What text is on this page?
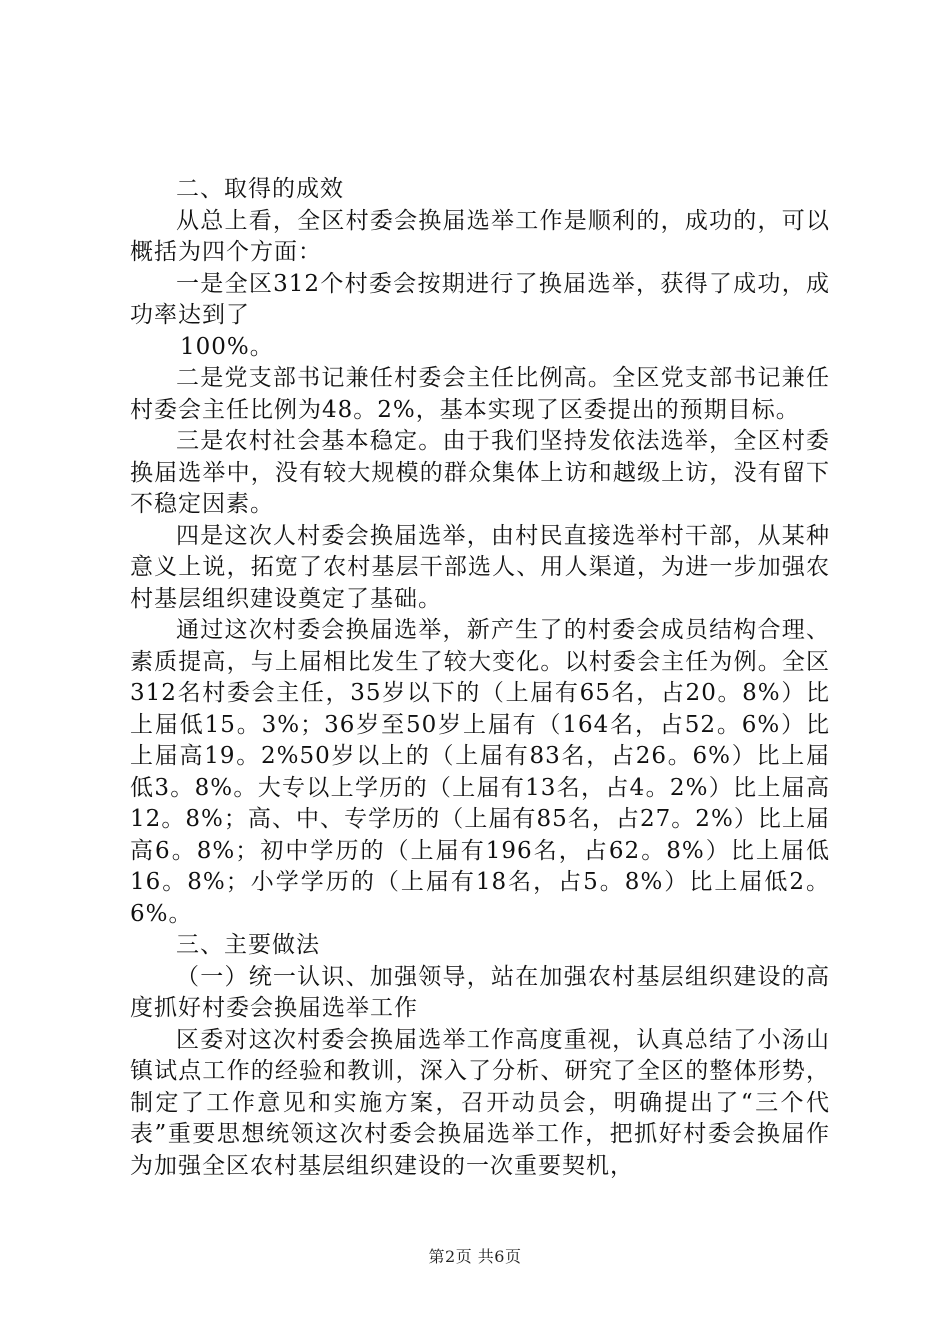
二、取得的成效

从总上看，全区村委会换届选举工作是顺利的，成功的，可以概括为四个方面：

一是全区312个村委会按期进行了换届选举，获得了成功，成功率达到了

100%。

二是党支部书记兼任村委会主任比例高。全区党支部书记兼任村委会主任比例为48。2%，基本实现了区委提出的预期目标。

三是农村社会基本稳定。由于我们坚持发依法选举，全区村委换届选举中，没有较大规模的群众集体上访和越级上访，没有留下不稳定因素。

四是这次人村委会换届选举，由村民直接选举村干部，从某种意义上说，拓宽了农村基层干部选人、用人渠道，为进一步加强农村基层组织建设奠定了基础。

通过这次村委会换届选举，新产生了的村委会成员结构合理、素质提高，与上届相比发生了较大变化。以村委会主任为例。全区312名村委会主任，35岁以下的（上届有65名，占20。8%）比上届低15。3%；36岁至50岁上届有（164名，占52。6%）比上届高19。2%50岁以上的（上届有83名，占26。6%）比上届低3。8%。大专以上学历的（上届有13名，占4。2%）比上届高12。8%；高、中、专学历的（上届有85名，占27。2%）比上届高6。8%；初中学历的（上届有196名，占62。8%）比上届低16。8%；小学学历的（上届有18名，占5。8%）比上届低2。6%。

三、主要做法

（一）统一认识、加强领导，站在加强农村基层组织建设的高度抓好村委会换届选举工作

区委对这次村委会换届选举工作高度重视，认真总结了小汤山镇试点工作的经验和教训，深入了分析、研究了全区的整体形势，制定了工作意见和实施方案，召开动员会，明确提出了“三个代表”重要思想统领这次村委会换届选举工作，把抓好村委会换届作为加强全区农村基层组织建设的一次重要契机，

第2页 共6页
